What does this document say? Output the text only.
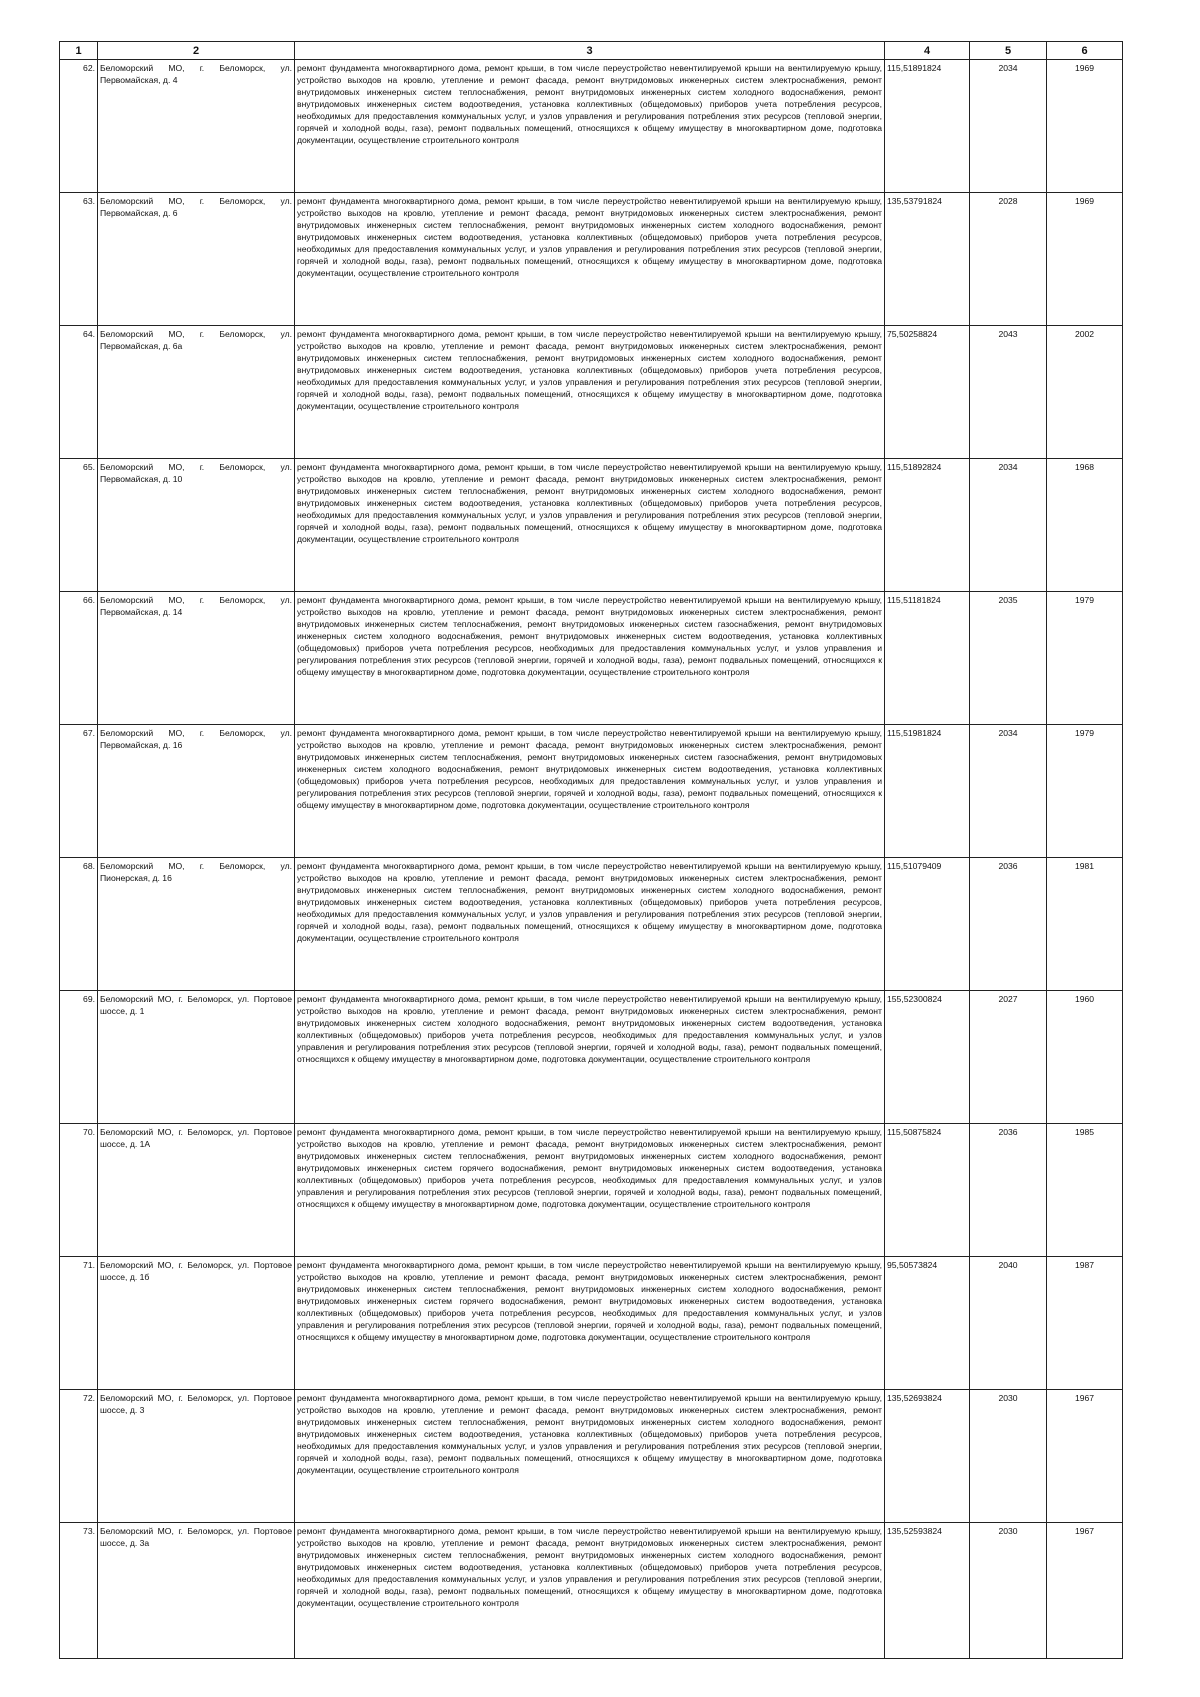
1	2	3	4	5	6
62.	Беломорский МО, г. Беломорск, ул. Первомайская, д. 4	ремонт фундамента многоквартирного дома, ремонт крыши, в том числе переустройство невентилируемой крыши на вентилируемую крышу, устройство выходов на кровлю, утепление и ремонт фасада, ремонт внутридомовых инженерных систем электроснабжения, ремонт внутридомовых инженерных систем теплоснабжения, ремонт внутридомовых инженерных систем холодного водоснабжения, ремонт внутридомовых инженерных систем водоотведения, установка коллективных (общедомовых) приборов учета потребления ресурсов, необходимых для предоставления коммунальных услуг, и узлов управления и регулирования потребления этих ресурсов (тепловой энергии, горячей и холодной воды, газа), ремонт подвальных помещений, относящихся к общему имуществу в многоквартирном доме, подготовка документации, осуществление строительного контроля	115,51891824	2034	1969
63.	Беломорский МО, г. Беломорск, ул. Первомайская, д. 6	ремонт фундамента многоквартирного дома, ремонт крыши, в том числе переустройство невентилируемой крыши на вентилируемую крышу, устройство выходов на кровлю, утепление и ремонт фасада, ремонт внутридомовых инженерных систем электроснабжения, ремонт внутридомовых инженерных систем теплоснабжения, ремонт внутридомовых инженерных систем холодного водоснабжения, ремонт внутридомовых инженерных систем водоотведения, установка коллективных (общедомовых) приборов учета потребления ресурсов, необходимых для предоставления коммунальных услуг, и узлов управления и регулирования потребления этих ресурсов (тепловой энергии, горячей и холодной воды, газа), ремонт подвальных помещений, относящихся к общему имуществу в многоквартирном доме, подготовка документации, осуществление строительного контроля	135,53791824	2028	1969
64.	Беломорский МО, г. Беломорск, ул. Первомайская, д. 6а	ремонт фундамента многоквартирного дома, ремонт крыши, в том числе переустройство невентилируемой крыши на вентилируемую крышу, устройство выходов на кровлю, утепление и ремонт фасада, ремонт внутридомовых инженерных систем электроснабжения, ремонт внутридомовых инженерных систем теплоснабжения, ремонт внутридомовых инженерных систем холодного водоснабжения, ремонт внутридомовых инженерных систем водоотведения, установка коллективных (общедомовых) приборов учета потребления ресурсов, необходимых для предоставления коммунальных услуг, и узлов управления и регулирования потребления этих ресурсов (тепловой энергии, горячей и холодной воды, газа), ремонт подвальных помещений, относящихся к общему имуществу в многоквартирном доме, подготовка документации, осуществление строительного контроля	75,50258824	2043	2002
65.	Беломорский МО, г. Беломорск, ул. Первомайская, д. 10	ремонт фундамента многоквартирного дома, ремонт крыши, в том числе переустройство невентилируемой крыши на вентилируемую крышу, устройство выходов на кровлю, утепление и ремонт фасада, ремонт внутридомовых инженерных систем электроснабжения, ремонт внутридомовых инженерных систем теплоснабжения, ремонт внутридомовых инженерных систем холодного водоснабжения, ремонт внутридомовых инженерных систем водоотведения, установка коллективных (общедомовых) приборов учета потребления ресурсов, необходимых для предоставления коммунальных услуг, и узлов управления и регулирования потребления этих ресурсов (тепловой энергии, горячей и холодной воды, газа), ремонт подвальных помещений, относящихся к общему имуществу в многоквартирном доме, подготовка документации, осуществление строительного контроля	115,51892824	2034	1968
66.	Беломорский МО, г. Беломорск, ул. Первомайская, д. 14	ремонт фундамента многоквартирного дома, ремонт крыши, в том числе переустройство невентилируемой крыши на вентилируемую крышу, устройство выходов на кровлю, утепление и ремонт фасада, ремонт внутридомовых инженерных систем электроснабжения, ремонт внутридомовых инженерных систем теплоснабжения, ремонт внутридомовых инженерных систем газоснабжения, ремонт внутридомовых инженерных систем холодного водоснабжения, ремонт внутридомовых инженерных систем водоотведения, установка коллективных (общедомовых) приборов учета потребления ресурсов, необходимых для предоставления коммунальных услуг, и узлов управления и регулирования потребления этих ресурсов (тепловой энергии, горячей и холодной воды, газа), ремонт подвальных помещений, относящихся к общему имуществу в многоквартирном доме, подготовка документации, осуществление строительного контроля	115,51181824	2035	1979
67.	Беломорский МО, г. Беломорск, ул. Первомайская, д. 16	ремонт фундамента многоквартирного дома, ремонт крыши, в том числе переустройство невентилируемой крыши на вентилируемую крышу, устройство выходов на кровлю, утепление и ремонт фасада, ремонт внутридомовых инженерных систем электроснабжения, ремонт внутридомовых инженерных систем теплоснабжения, ремонт внутридомовых инженерных систем газоснабжения, ремонт внутридомовых инженерных систем холодного водоснабжения, ремонт внутридомовых инженерных систем водоотведения, установка коллективных (общедомовых) приборов учета потребления ресурсов, необходимых для предоставления коммунальных услуг, и узлов управления и регулирования потребления этих ресурсов (тепловой энергии, горячей и холодной воды, газа), ремонт подвальных помещений, относящихся к общему имуществу в многоквартирном доме, подготовка документации, осуществление строительного контроля	115,51981824	2034	1979
68.	Беломорский МО, г. Беломорск, ул. Пионерская, д. 16	ремонт фундамента многоквартирного дома, ремонт крыши, в том числе переустройство невентилируемой крыши на вентилируемую крышу, устройство выходов на кровлю, утепление и ремонт фасада, ремонт внутридомовых инженерных систем электроснабжения, ремонт внутридомовых инженерных систем теплоснабжения, ремонт внутридомовых инженерных систем холодного водоснабжения, ремонт внутридомовых инженерных систем водоотведения, установка коллективных (общедомовых) приборов учета потребления ресурсов, необходимых для предоставления коммунальных услуг, и узлов управления и регулирования потребления этих ресурсов (тепловой энергии, горячей и холодной воды, газа), ремонт подвальных помещений, относящихся к общему имуществу в многоквартирном доме, подготовка документации, осуществление строительного контроля	115,51079409	2036	1981
69.	Беломорский МО, г. Беломорск, ул. Портовое шоссе, д. 1	ремонт фундамента многоквартирного дома, ремонт крыши, в том числе переустройство невентилируемой крыши на вентилируемую крышу, устройство выходов на кровлю, утепление и ремонт фасада, ремонт внутридомовых инженерных систем электроснабжения, ремонт внутридомовых инженерных систем холодного водоснабжения, ремонт внутридомовых инженерных систем водоотведения, установка коллективных (общедомовых) приборов учета потребления ресурсов, необходимых для предоставления коммунальных услуг, и узлов управления и регулирования потребления этих ресурсов (тепловой энергии, горячей и холодной воды, газа), ремонт подвальных помещений, относящихся к общему имуществу в многоквартирном доме, подготовка документации, осуществление строительного контроля	155,52300824	2027	1960
70.	Беломорский МО, г. Беломорск, ул. Портовое шоссе, д. 1А	ремонт фундамента многоквартирного дома, ремонт крыши, в том числе переустройство невентилируемой крыши на вентилируемую крышу, устройство выходов на кровлю, утепление и ремонт фасада, ремонт внутридомовых инженерных систем электроснабжения, ремонт внутридомовых инженерных систем теплоснабжения, ремонт внутридомовых инженерных систем холодного водоснабжения, ремонт внутридомовых инженерных систем горячего водоснабжения, ремонт внутридомовых инженерных систем водоотведения, установка коллективных (общедомовых) приборов учета потребления ресурсов, необходимых для предоставления коммунальных услуг, и узлов управления и регулирования потребления этих ресурсов (тепловой энергии, горячей и холодной воды, газа), ремонт подвальных помещений, относящихся к общему имуществу в многоквартирном доме, подготовка документации, осуществление строительного контроля	115,50875824	2036	1985
71.	Беломорский МО, г. Беломорск, ул. Портовое шоссе, д. 1б	ремонт фундамента многоквартирного дома, ремонт крыши, в том числе переустройство невентилируемой крыши на вентилируемую крышу, устройство выходов на кровлю, утепление и ремонт фасада, ремонт внутридомовых инженерных систем электроснабжения, ремонт внутридомовых инженерных систем теплоснабжения, ремонт внутридомовых инженерных систем холодного водоснабжения, ремонт внутридомовых инженерных систем горячего водоснабжения, ремонт внутридомовых инженерных систем водоотведения, установка коллективных (общедомовых) приборов учета потребления ресурсов, необходимых для предоставления коммунальных услуг, и узлов управления и регулирования потребления этих ресурсов (тепловой энергии, горячей и холодной воды, газа), ремонт подвальных помещений, относящихся к общему имуществу в многоквартирном доме, подготовка документации, осуществление строительного контроля	95,50573824	2040	1987
72.	Беломорский МО, г. Беломорск, ул. Портовое шоссе, д. 3	ремонт фундамента многоквартирного дома, ремонт крыши, в том числе переустройство невентилируемой крыши на вентилируемую крышу, устройство выходов на кровлю, утепление и ремонт фасада, ремонт внутридомовых инженерных систем электроснабжения, ремонт внутридомовых инженерных систем теплоснабжения, ремонт внутридомовых инженерных систем холодного водоснабжения, ремонт внутридомовых инженерных систем водоотведения, установка коллективных (общедомовых) приборов учета потребления ресурсов, необходимых для предоставления коммунальных услуг, и узлов управления и регулирования потребления этих ресурсов (тепловой энергии, горячей и холодной воды, газа), ремонт подвальных помещений, относящихся к общему имуществу в многоквартирном доме, подготовка документации, осуществление строительного контроля	135,52693824	2030	1967
73.	Беломорский МО, г. Беломорск, ул. Портовое шоссе, д. 3а	ремонт фундамента многоквартирного дома, ремонт крыши, в том числе переустройство невентилируемой крыши на вентилируемую крышу, устройство выходов на кровлю, утепление и ремонт фасада, ремонт внутридомовых инженерных систем электроснабжения, ремонт внутридомовых инженерных систем теплоснабжения, ремонт внутридомовых инженерных систем холодного водоснабжения, ремонт внутридомовых инженерных систем водоотведения, установка коллективных (общедомовых) приборов учета потребления ресурсов, необходимых для предоставления коммунальных услуг, и узлов управления и регулирования потребления этих ресурсов (тепловой энергии, горячей и холодной воды, газа), ремонт подвальных помещений, относящихся к общему имуществу в многоквартирном доме, подготовка документации, осуществление строительного контроля	135,52593824	2030	1967
